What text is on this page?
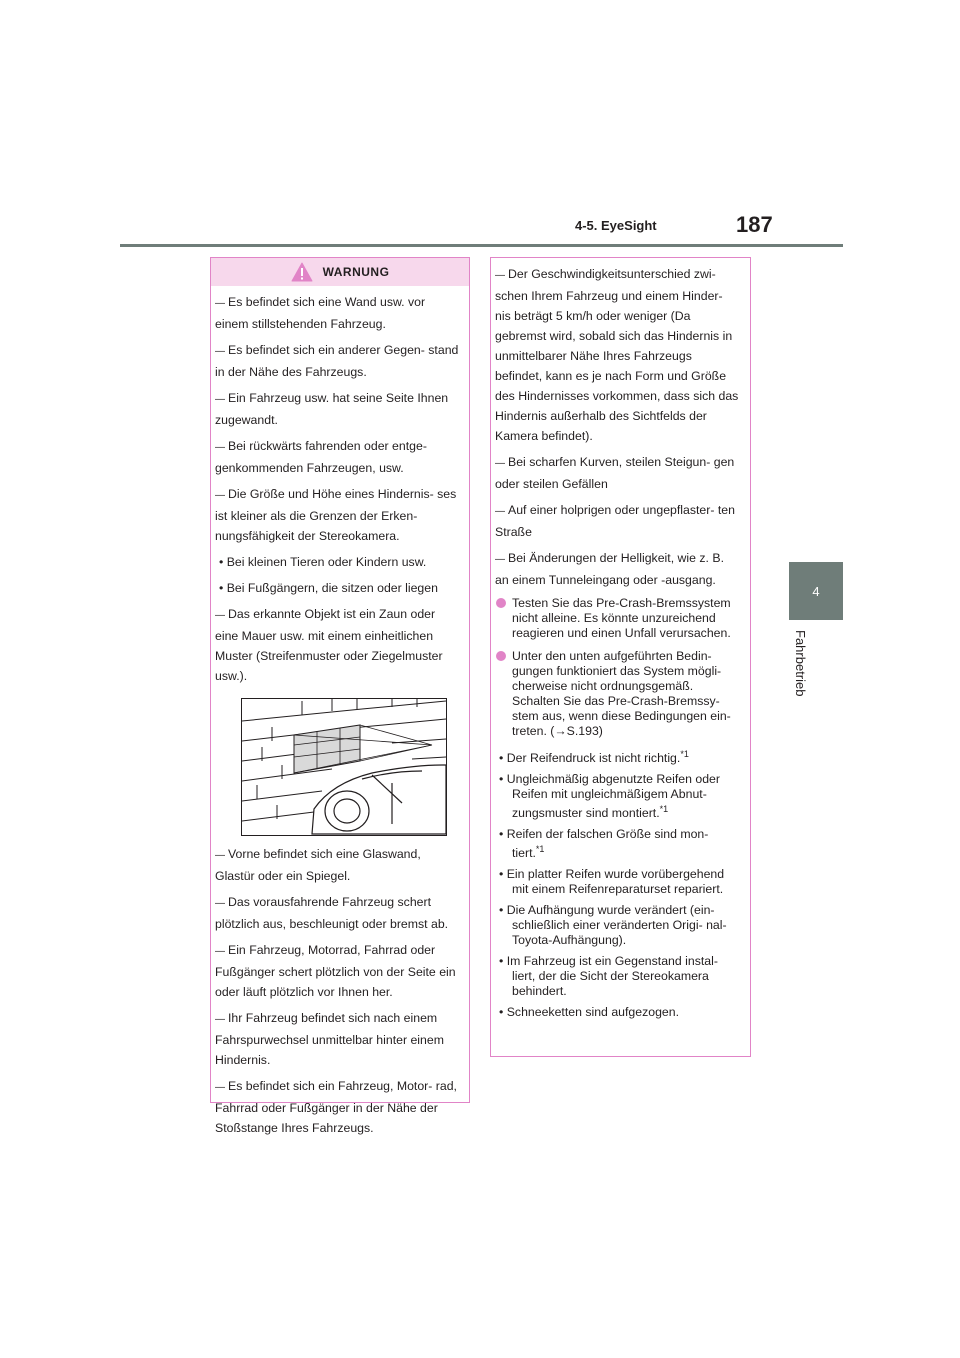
4-5. EyeSight	187
4
Fahrbetrieb
WARNUNG

— Es befindet sich eine Wand usw. vor einem stillstehenden Fahrzeug.

— Es befindet sich ein anderer Gegen- stand in der Nähe des Fahrzeugs.

— Ein Fahrzeug usw. hat seine Seite Ihnen zugewandt.

— Bei rückwärts fahrenden oder entge- genkommenden Fahrzeugen, usw.

— Die Größe und Höhe eines Hindernis- ses ist kleiner als die Grenzen der Erken- nungsfähigkeit der Stereokamera.

• Bei kleinen Tieren oder Kindern usw.

• Bei Fußgängern, die sitzen oder liegen

— Das erkannte Objekt ist ein Zaun oder eine Mauer usw. mit einem einheitlichen Muster (Streifenmuster oder Ziegelmuster usw.).

— Vorne befindet sich eine Glaswand, Glastür oder ein Spiegel.

— Das vorausfahrende Fahrzeug schert plötzlich aus, beschleunigt oder bremst ab.

— Ein Fahrzeug, Motorrad, Fahrrad oder Fußgänger schert plötzlich von der Seite ein oder läuft plötzlich vor Ihnen her.

— Ihr Fahrzeug befindet sich nach einem Fahrspurwechsel unmittelbar hinter einem Hindernis.

— Es befindet sich ein Fahrzeug, Motor- rad, Fahrrad oder Fußgänger in der Nähe der Stoßstange Ihres Fahrzeugs.

— Der Geschwindigkeitsunterschied zwi- schen Ihrem Fahrzeug und einem Hinder- nis beträgt 5 km/h oder weniger (Da gebremst wird, sobald sich das Hindernis in unmittelbarer Nähe Ihres Fahrzeugs befindet, kann es je nach Form und Größe des Hindernisses vorkommen, dass sich das Hindernis außerhalb des Sichtfelds der Kamera befindet).

— Bei scharfen Kurven, steilen Steigun- gen oder steilen Gefällen

— Auf einer holprigen oder ungepflaster- ten Straße

— Bei Änderungen der Helligkeit, wie z. B. an einem Tunneleingang oder -ausgang.

Testen Sie das Pre-Crash-Bremssystem nicht alleine. Es könnte unzureichend reagieren und einen Unfall verursachen.
Unter den unten aufgeführten Bedin- gungen funktioniert das System mögli- cherweise nicht ordnungsgemäß. Schalten Sie das Pre-Crash-Bremssy- stem aus, wenn diese Bedingungen ein- treten. (→S.193)

• Der Reifendruck ist nicht richtig.$^{*1}$

• Ungleichmäßig abgenutzte Reifen oder Reifen mit ungleichmäßigem Abnut- zungsmuster sind montiert.$^{*1}$

• Reifen der falschen Größe sind mon- tiert.$^{*1}$

• Ein platter Reifen wurde vorübergehend mit einem Reifenreparaturset repariert.

• Die Aufhängung wurde verändert (ein- schließlich einer veränderten Origi- nal-Toyota-Aufhängung).

• Im Fahrzeug ist ein Gegenstand instal- liert, der die Sicht der Stereokamera behindert.

• Schneeketten sind aufgezogen.
